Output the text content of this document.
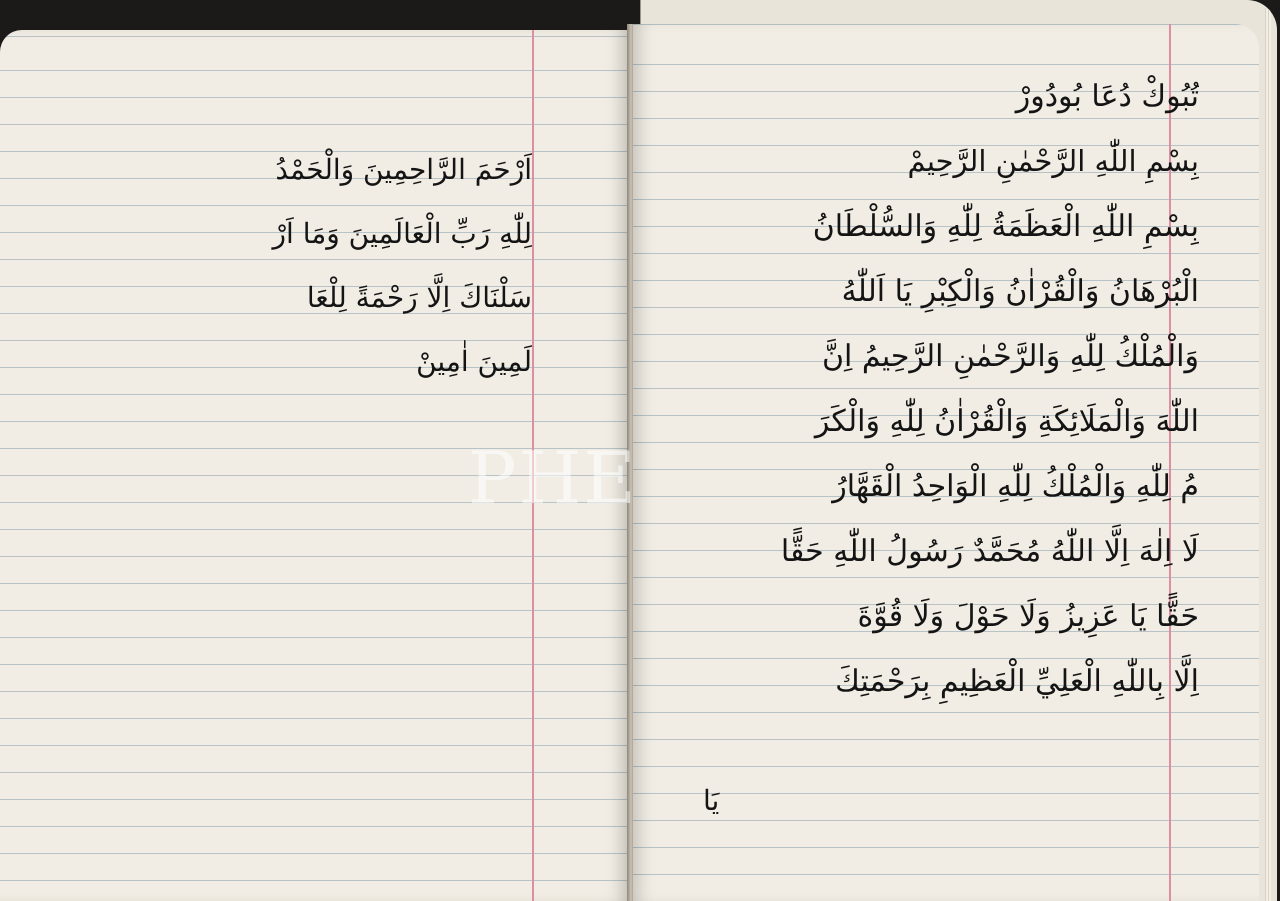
اَرْحَمَ الرَّاحِمِينَ وَالْحَمْدُ
لِلّٰهِ رَبِّ الْعَالَمِينَ وَمَا اَرْ
سَلْنَاكَ اِلَّا رَحْمَةً لِلْعَا
لَمِينَ اٰمِينْ

تُبُوكْ دُعَا بُودُورْ
بِسْمِ اللّٰهِ الرَّحْمٰنِ الرَّحِيمْ
بِسْمِ اللّٰهِ الْعَظَمَةُ لِلّٰهِ وَالسُّلْطَانُ
الْبُرْهَانُ وَالْقُرْاٰنُ وَالْكِبْرِ يَا اَللّٰهُ
وَالْمُلْكُ لِلّٰهِ وَالرَّحْمٰنِ الرَّحِيمُ اِنَّ
اللّٰهَ وَالْمَلَائِكَةِ وَالْقُرْاٰنُ لِلّٰهِ وَالْكَرَ
مُ لِلّٰهِ وَالْمُلْكُ لِلّٰهِ الْوَاحِدُ الْقَهَّارُ
لَا اِلٰهَ اِلَّا اللّٰهُ مُحَمَّدٌ رَسُولُ اللّٰهِ حَقًّا
حَقًّا يَا عَزِيزُ وَلَا حَوْلَ وَلَا قُوَّةَ
اِلَّا بِاللّٰهِ الْعَلِيِّ الْعَظِيمِ بِرَحْمَتِكَ

يَا
PHE
